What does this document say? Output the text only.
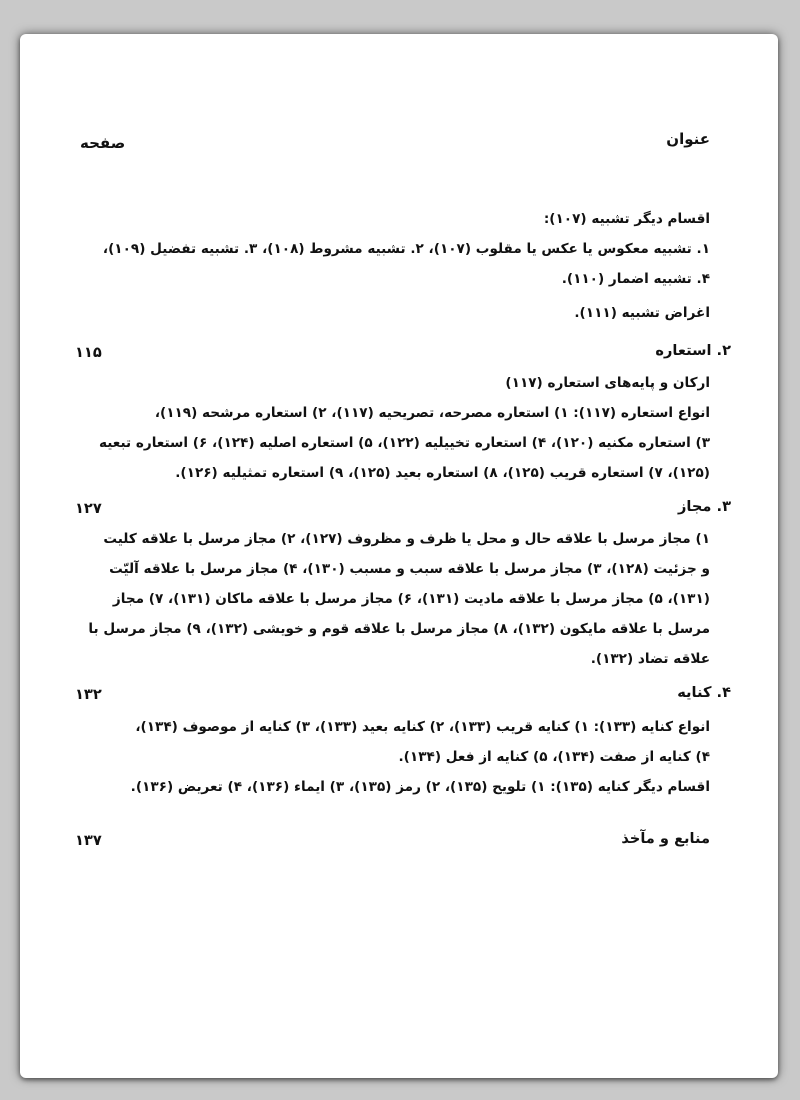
عنوان
صفحه
اقسام دیگر تشبیه (۱۰۷):
۱. تشبیه معکوس یا عکس یا مقلوب (۱۰۷)، ۲. تشبیه مشروط (۱۰۸)، ۳. تشبیه تفضیل (۱۰۹)،
۴. تشبیه اضمار (۱۱۰).
اغراض تشبیه (۱۱۱).
۲. استعاره
۱۱۵
ارکان و پایه‌های استعاره (۱۱۷)
انواع استعاره (۱۱۷): ۱) استعاره مصرحه، تصریحیه (۱۱۷)، ۲) استعاره مرشحه (۱۱۹)،
۳) استعاره مکنیه (۱۲۰)، ۴) استعاره تخییلیه (۱۲۲)، ۵) استعاره اصلیه (۱۲۴)، ۶) استعاره تبعیه
(۱۲۵)، ۷) استعاره قریب (۱۲۵)، ۸) استعاره بعید (۱۲۵)، ۹) استعاره تمثیلیه (۱۲۶).
۳. مجاز
۱۲۷
۱) مجاز مرسل با علاقه حال و محل یا ظرف و مظروف (۱۲۷)، ۲) مجاز مرسل با علاقه کلیت
و جزئیت (۱۲۸)، ۳) مجاز مرسل با علاقه سبب و مسبب (۱۳۰)، ۴) مجاز مرسل با علاقه آلیّت
(۱۳۱)، ۵) مجاز مرسل با علاقه مادیت (۱۳۱)، ۶) مجاز مرسل با علاقه ماکان (۱۳۱)، ۷) مجاز
مرسل با علاقه مایکون (۱۳۲)، ۸) مجاز مرسل با علاقه قوم و خویشی (۱۳۲)، ۹) مجاز مرسل با
علاقه تضاد (۱۳۲).
۴. کنایه
۱۳۲
انواع کنایه (۱۳۳): ۱) کنایه قریب (۱۳۳)، ۲) کنایه بعید (۱۳۳)، ۳) کنایه از موصوف (۱۳۴)،
۴) کنایه از صفت (۱۳۴)، ۵) کنایه از فعل (۱۳۴).
اقسام دیگر کنایه (۱۳۵): ۱) تلویح (۱۳۵)، ۲) رمز (۱۳۵)، ۳) ایماء (۱۳۶)، ۴) تعریض (۱۳۶).
منابع و مآخذ
۱۳۷
